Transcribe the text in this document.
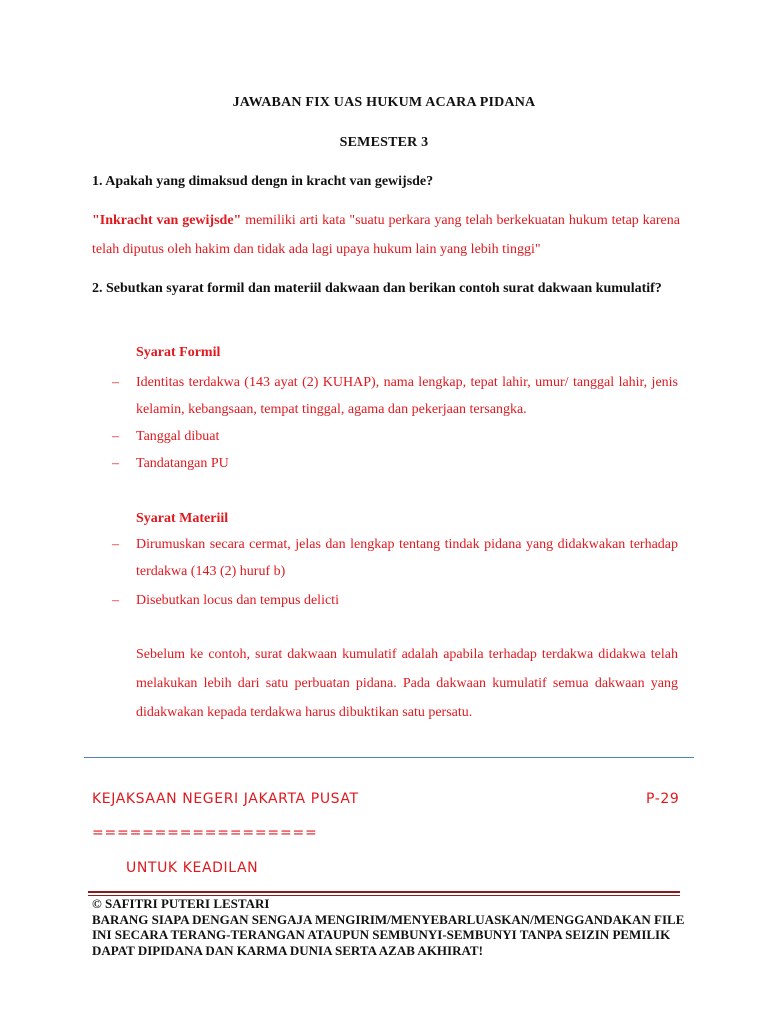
JAWABAN FIX UAS HUKUM ACARA PIDANA
SEMESTER 3
1. Apakah yang dimaksud dengn in kracht van gewijsde?
"Inkracht van gewijsde" memiliki arti kata "suatu perkara yang telah berkekuatan hukum tetap karena telah diputus oleh hakim dan tidak ada lagi upaya hukum lain yang lebih tinggi"
2. Sebutkan syarat formil dan materiil dakwaan dan berikan contoh surat dakwaan kumulatif?
Syarat Formil
–	Identitas terdakwa (143 ayat (2) KUHAP), nama lengkap, tepat lahir, umur/ tanggal lahir, jenis kelamin, kebangsaan, tempat tinggal, agama dan pekerjaan tersangka.
–	Tanggal dibuat
–	Tandatangan PU
Syarat Materiil
–	Dirumuskan secara cermat, jelas dan lengkap tentang tindak pidana yang didakwakan terhadap terdakwa (143 (2) huruf b)
–	Disebutkan locus dan tempus delicti
Sebelum ke contoh, surat dakwaan kumulatif adalah apabila terhadap terdakwa didakwa telah melakukan lebih dari satu perbuatan pidana. Pada dakwaan kumulatif semua dakwaan yang didakwakan kepada terdakwa harus dibuktikan satu persatu.
KEJAKSAAN NEGERI JAKARTA PUSAT	P-29
==================
UNTUK KEADILAN
© SAFITRI PUTERI LESTARI
BARANG SIAPA DENGAN SENGAJA MENGIRIM/MENYEBARLUASKAN/MENGGANDAKAN FILE
INI SECARA TERANG-TERANGAN ATAUPUN SEMBUNYI-SEMBUNYI TANPA SEIZIN PEMILIK
DAPAT DIPIDANA DAN KARMA DUNIA SERTA AZAB AKHIRAT!
